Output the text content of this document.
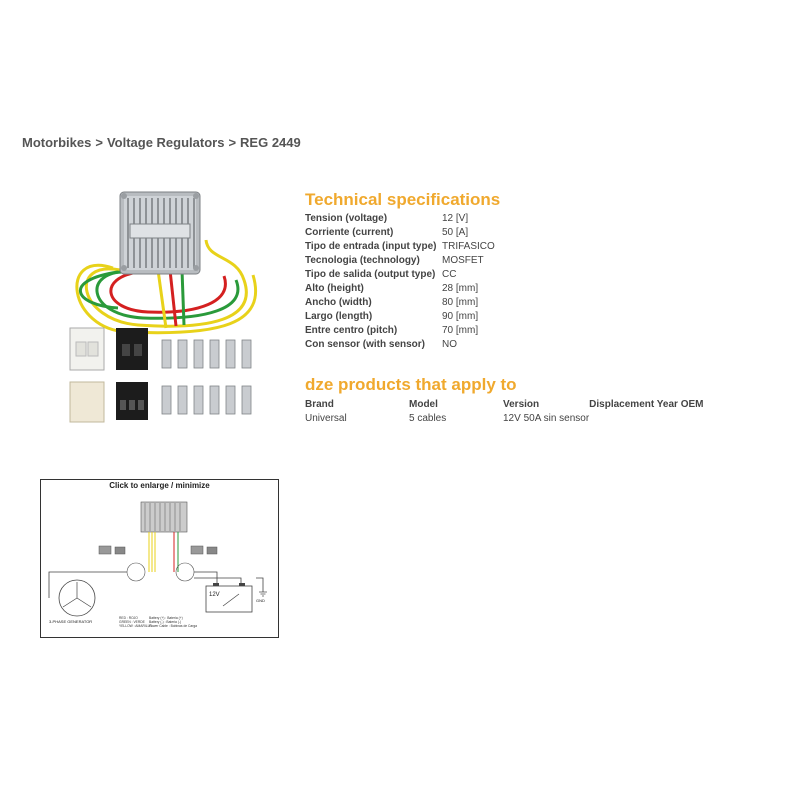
Motorbikes > Voltage Regulators > REG 2449
Technical specifications
Tension (voltage)	12 [V]
Corriente (current)	50 [A]
Tipo de entrada (input type)	TRIFASICO
Tecnologia (technology)	MOSFET
Tipo de salida (output type)	CC
Alto (height)	28 [mm]
Ancho (width)	80 [mm]
Largo (length)	90 [mm]
Entre centro (pitch)	70 [mm]
Con sensor (with sensor)	NO
dze products that apply to
Brand	Model	Version	Displacement Year OEM
Universal	5 cables	12V 50A sin sensor	
Click to enlarge / minimize
12V
GND
3-PHASE GENERATOR
RED : ROJO
GREEN : VERDE
YELLOW : AMARILLO
Battery (+) : Bateria (+)
Battery (-) : Bateria (-)
Power Cable : Bobinas de Carga
